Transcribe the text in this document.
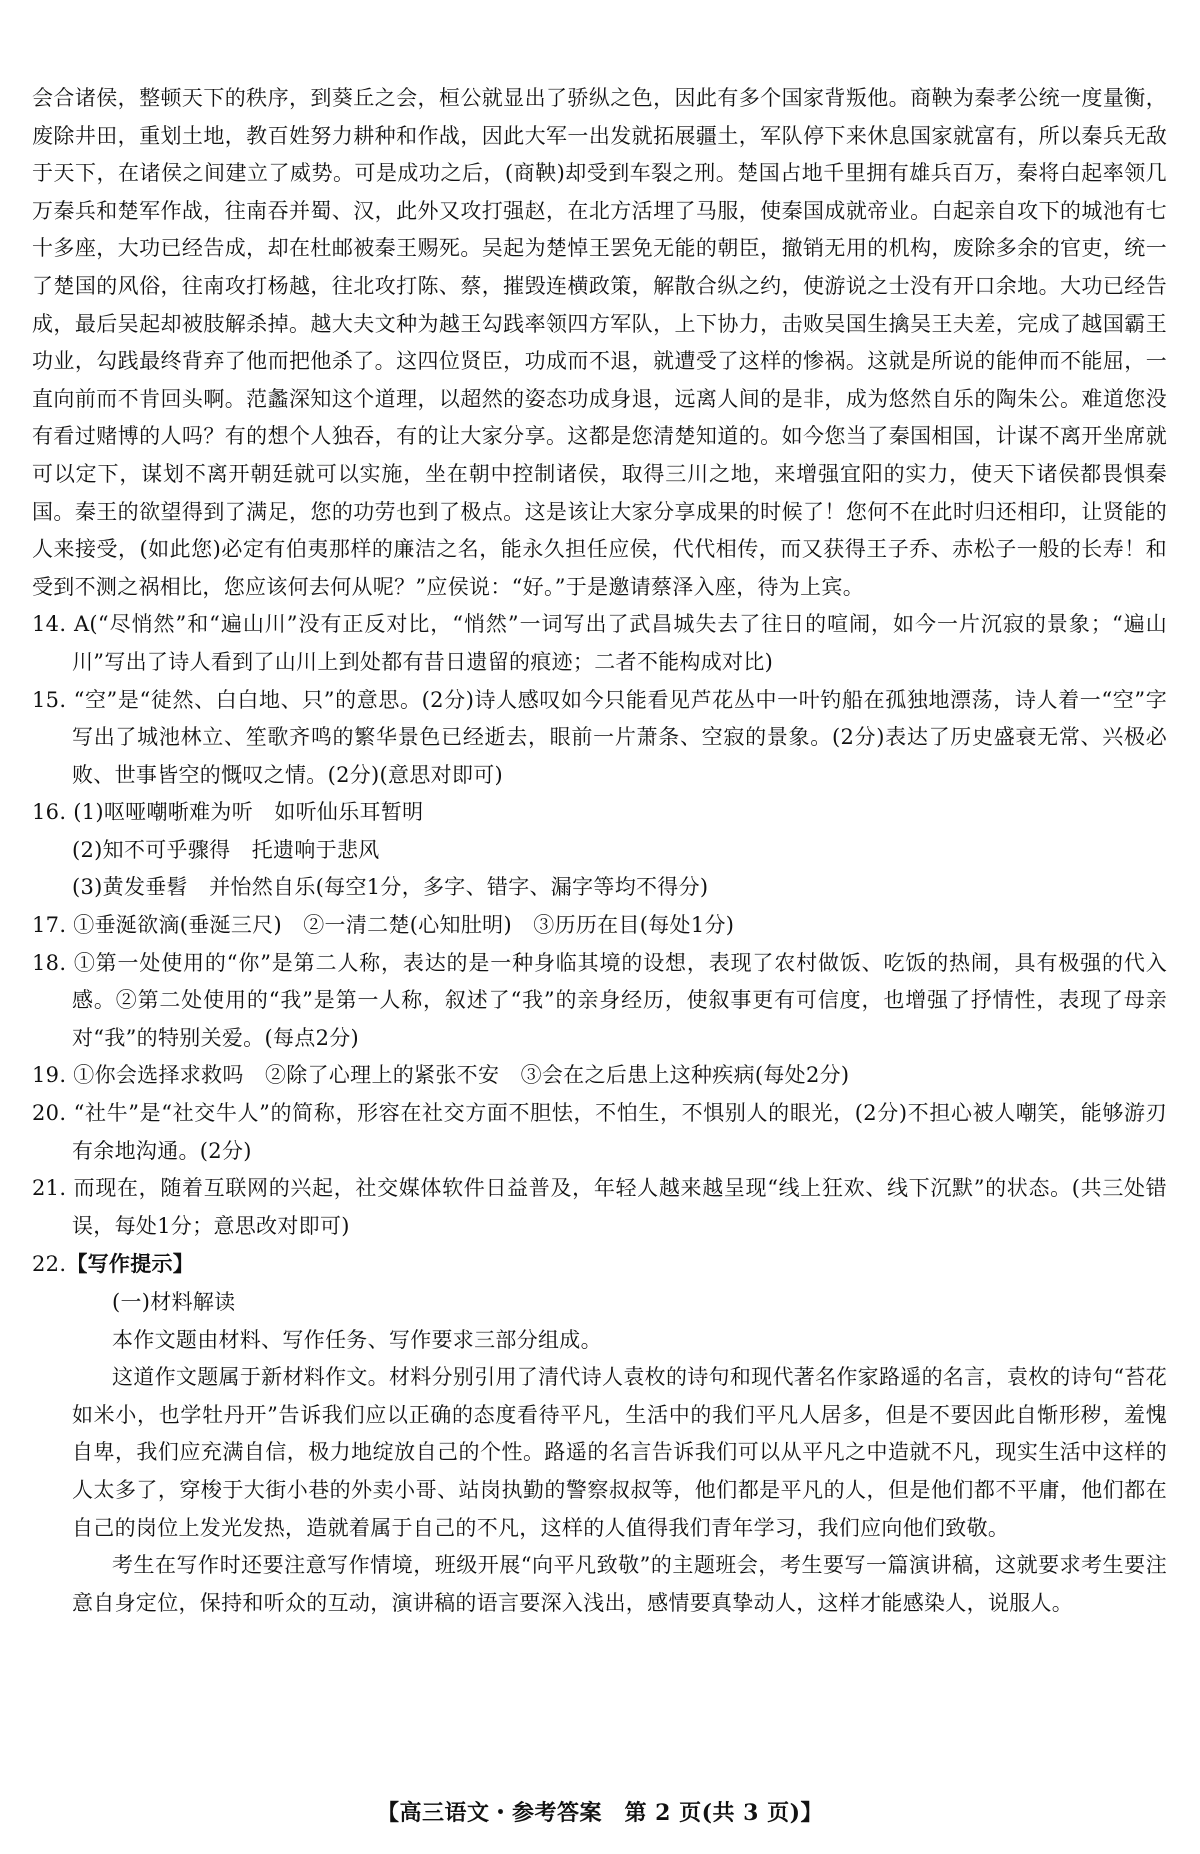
会合诸侯，整顿天下的秩序，到葵丘之会，桓公就显出了骄纵之色，因此有多个国家背叛他。商鞅为秦孝公统一度量衡，废除井田，重划土地，教百姓努力耕种和作战，因此大军一出发就拓展疆土，军队停下来休息国家就富有，所以秦兵无敌于天下，在诸侯之间建立了威势。可是成功之后，(商鞅)却受到车裂之刑。楚国占地千里拥有雄兵百万，秦将白起率领几万秦兵和楚军作战，往南吞并蜀、汉，此外又攻打强赵，在北方活埋了马服，使秦国成就帝业。白起亲自攻下的城池有七十多座，大功已经告成，却在杜邮被秦王赐死。吴起为楚悼王罢免无能的朝臣，撤销无用的机构，废除多余的官吏，统一了楚国的风俗，往南攻打杨越，往北攻打陈、蔡，摧毁连横政策，解散合纵之约，使游说之士没有开口余地。大功已经告成，最后吴起却被肢解杀掉。越大夫文种为越王勾践率领四方军队，上下协力，击败吴国生擒吴王夫差，完成了越国霸王功业，勾践最终背弃了他而把他杀了。这四位贤臣，功成而不退，就遭受了这样的惨祸。这就是所说的能伸而不能屈，一直向前而不肯回头啊。范蠡深知这个道理，以超然的姿态功成身退，远离人间的是非，成为悠然自乐的陶朱公。难道您没有看过赌博的人吗？有的想个人独吞，有的让大家分享。这都是您清楚知道的。如今您当了秦国相国，计谋不离开坐席就可以定下，谋划不离开朝廷就可以实施，坐在朝中控制诸侯，取得三川之地，来增强宜阳的实力，使天下诸侯都畏惧秦国。秦王的欲望得到了满足，您的功劳也到了极点。这是该让大家分享成果的时候了！您何不在此时归还相印，让贤能的人来接受，(如此您)必定有伯夷那样的廉洁之名，能永久担任应侯，代代相传，而又获得王子乔、赤松子一般的长寿！和受到不测之祸相比，您应该何去何从呢？”应侯说：“好。”于是邀请蔡泽入座，待为上宾。

14. A(“尽悄然”和“遍山川”没有正反对比，“悄然”一词写出了武昌城失去了往日的喧闹，如今一片沉寂的景象；“遍山川”写出了诗人看到了山川上到处都有昔日遗留的痕迹；二者不能构成对比)

15. “空”是“徒然、白白地、只”的意思。(2分)诗人感叹如今只能看见芦花丛中一叶钓船在孤独地漂荡，诗人着一“空”字写出了城池林立、笙歌齐鸣的繁华景色已经逝去，眼前一片萧条、空寂的景象。(2分)表达了历史盛衰无常、兴极必败、世事皆空的慨叹之情。(2分)(意思对即可)

16. (1)呕哑嘲哳难为听　如听仙乐耳暂明

(2)知不可乎骤得　托遗响于悲风

(3)黄发垂髫　并怡然自乐(每空1分，多字、错字、漏字等均不得分)

17. ①垂涎欲滴(垂涎三尺)　②一清二楚(心知肚明)　③历历在目(每处1分)

18. ①第一处使用的“你”是第二人称，表达的是一种身临其境的设想，表现了农村做饭、吃饭的热闹，具有极强的代入感。②第二处使用的“我”是第一人称，叙述了“我”的亲身经历，使叙事更有可信度，也增强了抒情性，表现了母亲对“我”的特别关爱。(每点2分)

19. ①你会选择求救吗　②除了心理上的紧张不安　③会在之后患上这种疾病(每处2分)

20. “社牛”是“社交牛人”的简称，形容在社交方面不胆怯，不怕生，不惧别人的眼光，(2分)不担心被人嘲笑，能够游刃有余地沟通。(2分)

21. 而现在，随着互联网的兴起，社交媒体软件日益普及，年轻人越来越呈现“线上狂欢、线下沉默”的状态。(共三处错误，每处1分；意思改对即可)

22.【写作提示】

(一)材料解读

本作文题由材料、写作任务、写作要求三部分组成。

这道作文题属于新材料作文。材料分别引用了清代诗人袁枚的诗句和现代著名作家路遥的名言，袁枚的诗句“苔花如米小，也学牡丹开”告诉我们应以正确的态度看待平凡，生活中的我们平凡人居多，但是不要因此自惭形秽，羞愧自卑，我们应充满自信，极力地绽放自己的个性。路遥的名言告诉我们可以从平凡之中造就不凡，现实生活中这样的人太多了，穿梭于大街小巷的外卖小哥、站岗执勤的警察叔叔等，他们都是平凡的人，但是他们都不平庸，他们都在自己的岗位上发光发热，造就着属于自己的不凡，这样的人值得我们青年学习，我们应向他们致敬。

考生在写作时还要注意写作情境，班级开展“向平凡致敬”的主题班会，考生要写一篇演讲稿，这就要求考生要注意自身定位，保持和听众的互动，演讲稿的语言要深入浅出，感情要真挚动人，这样才能感染人，说服人。

【高三语文・参考答案　第 2 页(共 3 页)】
